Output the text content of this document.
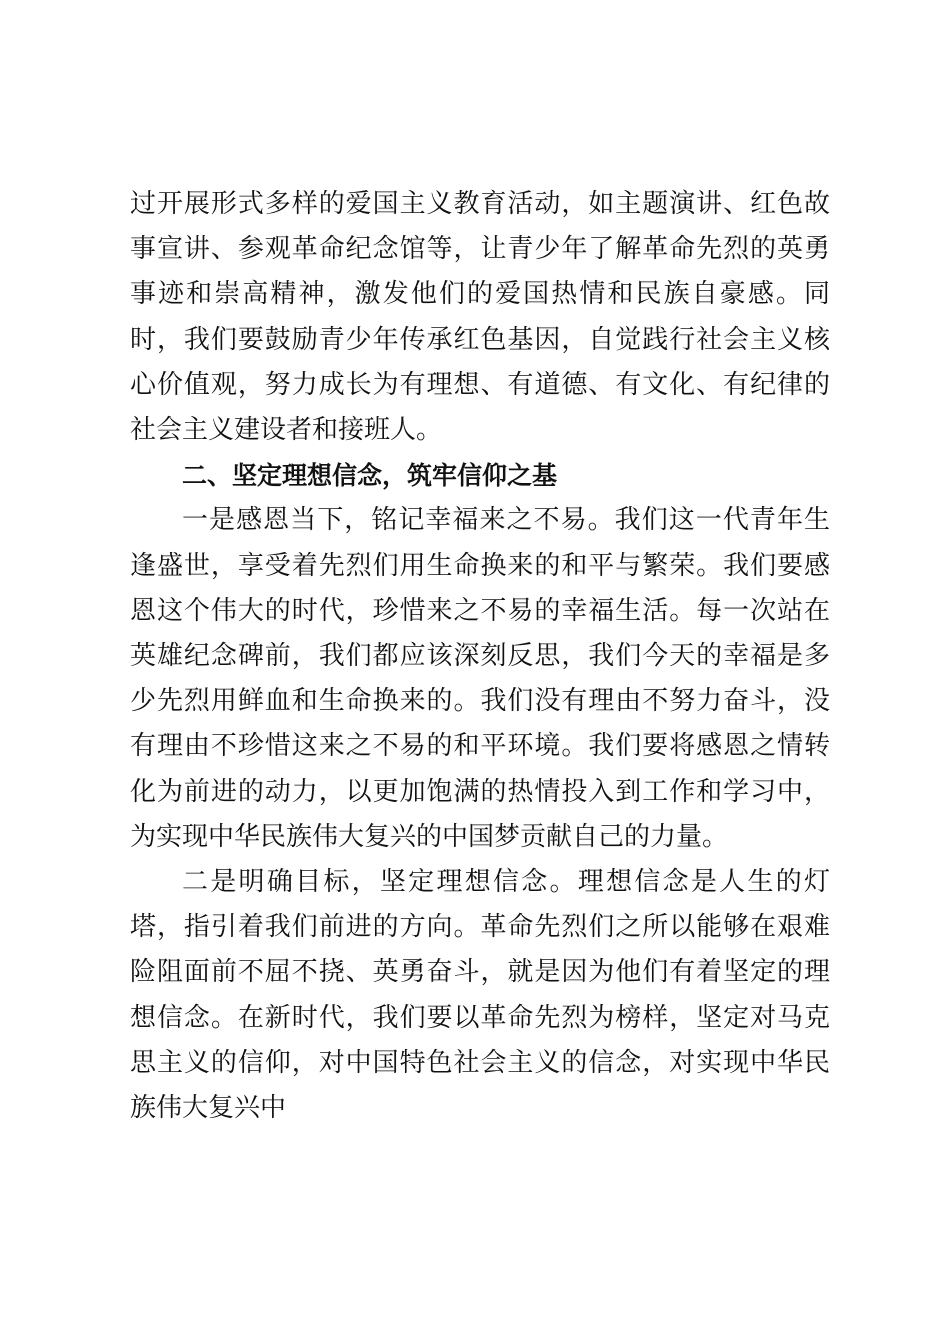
过开展形式多样的爱国主义教育活动，如主题演讲、红色故事宣讲、参观革命纪念馆等，让青少年了解革命先烈的英勇事迹和崇高精神，激发他们的爱国热情和民族自豪感。同时，我们要鼓励青少年传承红色基因，自觉践行社会主义核心价值观，努力成长为有理想、有道德、有文化、有纪律的社会主义建设者和接班人。

二、坚定理想信念，筑牢信仰之基

一是感恩当下，铭记幸福来之不易。我们这一代青年生逢盛世，享受着先烈们用生命换来的和平与繁荣。我们要感恩这个伟大的时代，珍惜来之不易的幸福生活。每一次站在英雄纪念碑前，我们都应该深刻反思，我们今天的幸福是多少先烈用鲜血和生命换来的。我们没有理由不努力奋斗，没有理由不珍惜这来之不易的和平环境。我们要将感恩之情转化为前进的动力，以更加饱满的热情投入到工作和学习中，为实现中华民族伟大复兴的中国梦贡献自己的力量。

二是明确目标，坚定理想信念。理想信念是人生的灯塔，指引着我们前进的方向。革命先烈们之所以能够在艰难险阻面前不屈不挠、英勇奋斗，就是因为他们有着坚定的理想信念。在新时代，我们要以革命先烈为榜样，坚定对马克思主义的信仰，对中国特色社会主义的信念，对实现中华民族伟大复兴中
